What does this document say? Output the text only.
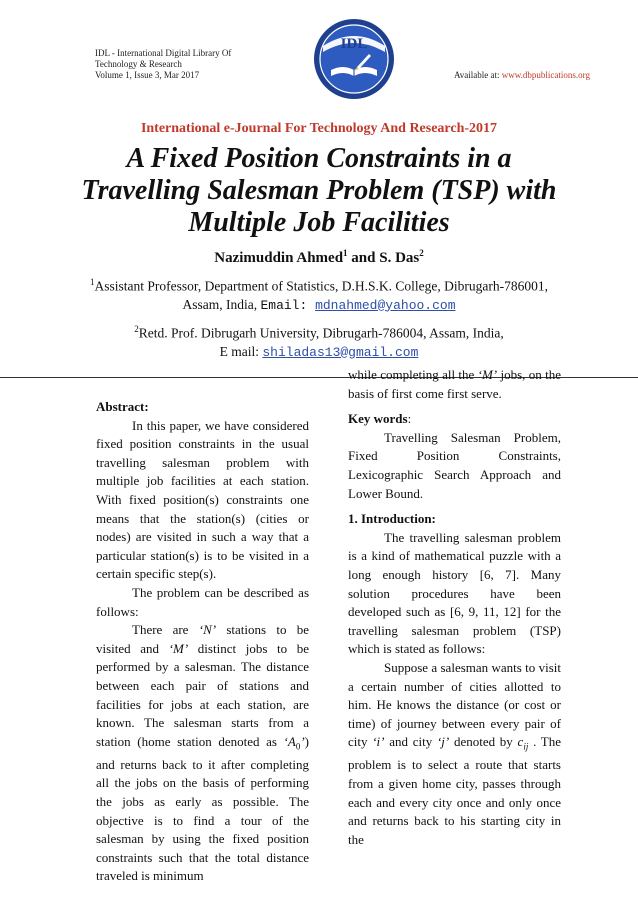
IDL - International Digital Library Of
Technology & Research
Volume 1, Issue 3, Mar 2017
IDL
Available at: www.dbpublications.org
International e-Journal For Technology And Research-2017
A Fixed Position Constraints in a
Travelling Salesman Problem (TSP) with
Multiple Job Facilities
Nazimuddin Ahmed$^1$ and S. Das$^2$
$^1$Assistant Professor, Department of Statistics, D.H.S.K. College, Dibrugarh-786001,
Assam, India, Email: mdnahmed@yahoo.com
$^2$Retd. Prof. Dibrugarh University, Dibrugarh-786004, Assam, India,
E mail: shiladas13@gmail.com

Abstract:

In this paper, we have considered fixed position constraints in the usual travelling salesman problem with multiple job facilities at each station. With fixed position(s) constraints one means that the station(s) (cities or nodes) are visited in such a way that a particular station(s) is to be visited in a certain specific step(s).

The problem can be described as follows:

There are ‘N’ stations to be visited and ‘M’ distinct jobs to be performed by a salesman. The distance between each pair of stations and facilities for jobs at each station, are known. The salesman starts from a station (home station denoted as ‘$A_0$’) and returns back to it after completing all the jobs on the basis of performing the jobs as early as possible. The objective is to find a tour of the salesman by using the fixed position constraints such that the total distance traveled is minimum

while completing all the ‘M’ jobs, on the basis of first come first serve.

Key words:

Travelling Salesman Problem, Fixed Position Constraints, Lexicographic Search Approach and Lower Bound.

1. Introduction:

The travelling salesman problem is a kind of mathematical puzzle with a long enough history [6, 7]. Many solution procedures have been developed such as [6, 9, 11, 12] for the travelling salesman problem (TSP) which is stated as follows:

Suppose a salesman wants to visit a certain number of cities allotted to him. He knows the distance (or cost or time) of journey between every pair of city ‘i’ and city ‘j’ denoted by $c_{ij}$ . The problem is to select a route that starts from a given home city, passes through each and every city once and only once and returns back to his starting city in the
